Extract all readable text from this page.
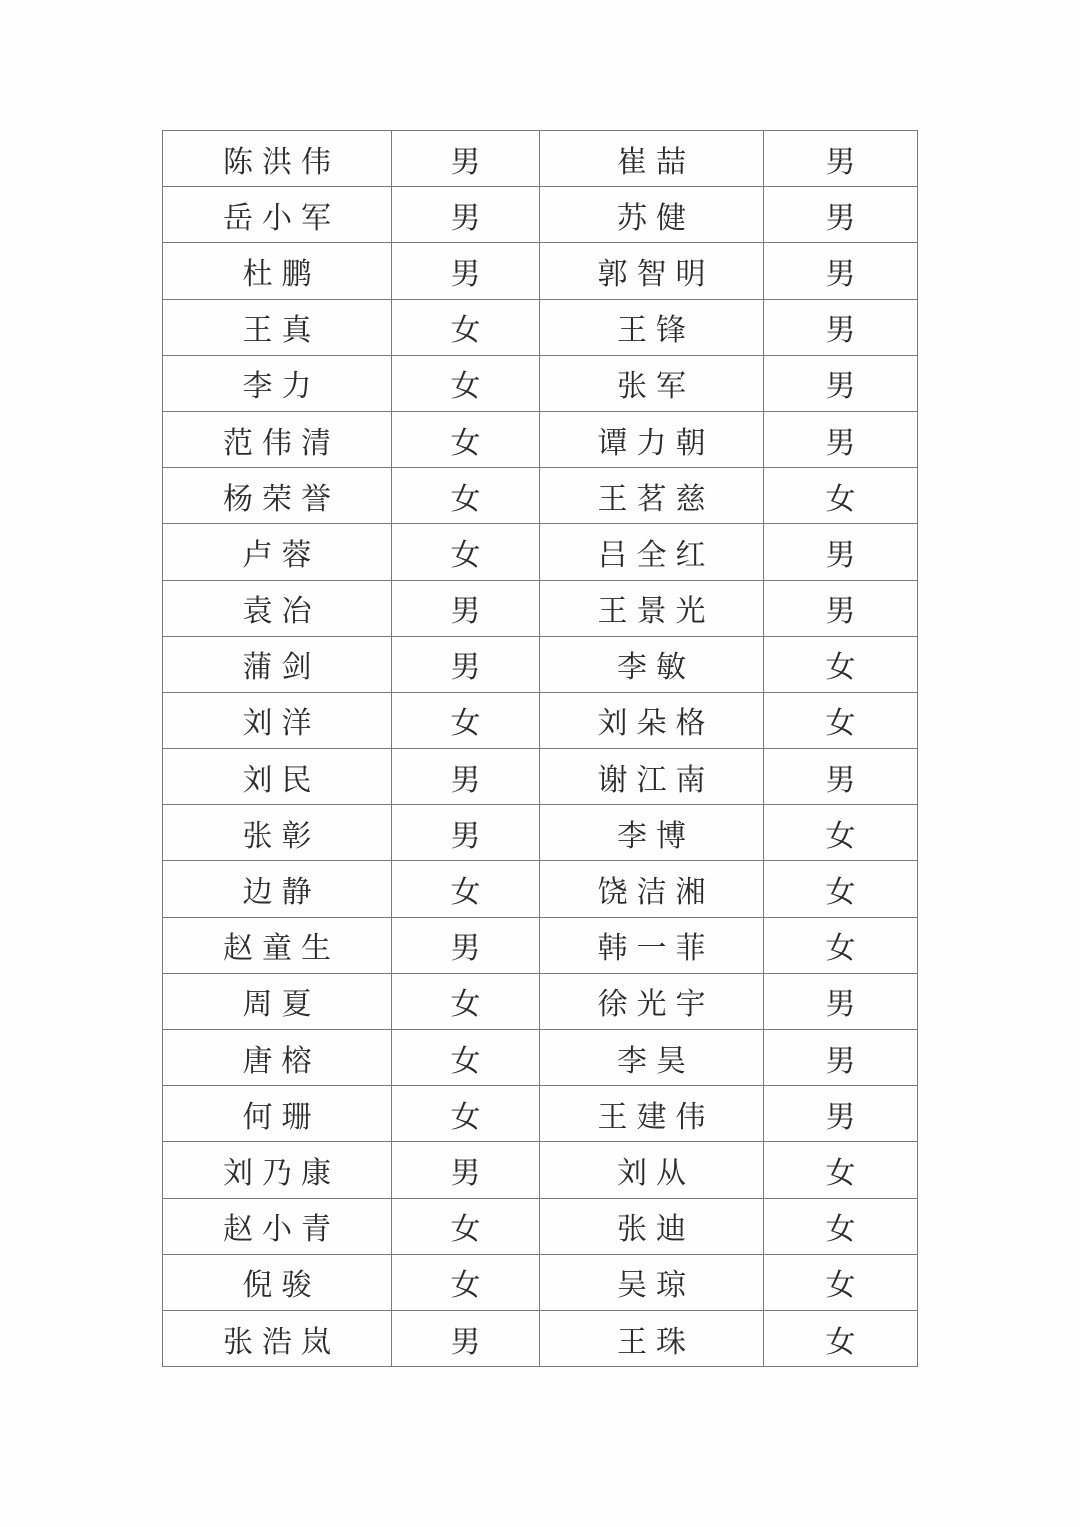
陈洪伟	男	崔喆	男
岳小军	男	苏健	男
杜鹏	男	郭智明	男
王真	女	王锋	男
李力	女	张军	男
范伟清	女	谭力朝	男
杨荣誉	女	王茗慈	女
卢蓉	女	吕全红	男
袁冶	男	王景光	男
蒲剑	男	李敏	女
刘洋	女	刘朵格	女
刘民	男	谢江南	男
张彰	男	李博	女
边静	女	饶洁湘	女
赵童生	男	韩一菲	女
周夏	女	徐光宇	男
唐榕	女	李昊	男
何珊	女	王建伟	男
刘乃康	男	刘从	女
赵小青	女	张迪	女
倪骏	女	吴琼	女
张浩岚	男	王珠	女
